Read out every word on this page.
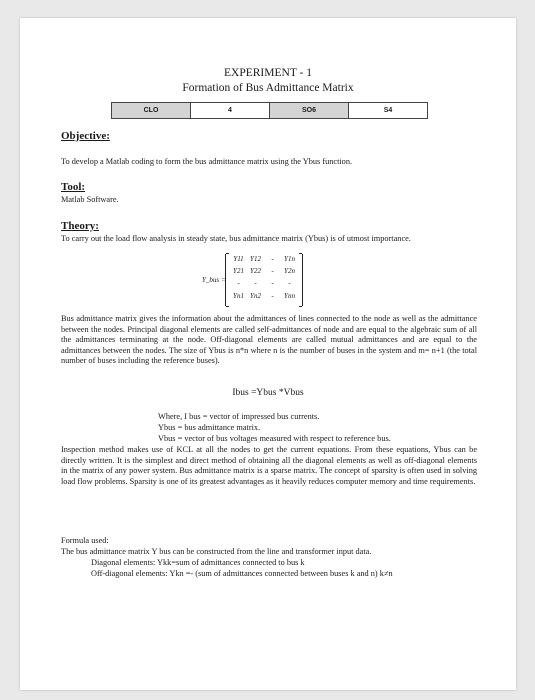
EXPERIMENT - 1
Formation of Bus Admittance Matrix
CLO	4	SO6	S4
Objective:
To develop a Matlab coding to form the bus admittance matrix using the Ybus function.
Tool:
Matlab Software.
Theory:
To carry out the load flow analysis in steady state, bus admittance matrix (Ybus) is of utmost importance.
Y_bus =
Y11 Y12 - Y1n
Y21 Y22 - Y2n
- - - -
Yn1 Yn2 - Ynn
Bus admittance matrix gives the information about the admittances of lines connected to the node as well as the admittance between the nodes. Principal diagonal elements are called self-admittances of node and are equal to the algebraic sum of all the admittances terminating at the node. Off-diagonal elements are called mutual admittances and are equal to the admittances between the nodes. The size of Ybus is n*n where n is the number of buses in the system and m= n+1 (the total number of buses including the reference buses).
Ibus =Ybus *Vbus
Where, I bus = vector of impressed bus currents.
Ybus = bus admittance matrix.
Vbus = vector of bus voltages measured with respect to reference bus.
Inspection method makes use of KCL at all the nodes to get the current equations. From these equations, Ybus can be directly written. It is the simplest and direct method of obtaining all the diagonal elements as well as off-diagonal elements in the matrix of any power system. Bus admittance matrix is a sparse matrix. The concept of sparsity is often used in solving load flow problems. Sparsity is one of its greatest advantages as it heavily reduces computer memory and time requirements.
Formula used:
The bus admittance matrix Y bus can be constructed from the line and transformer input data.
Diagonal elements: Ykk=sum of admittances connected to bus k
Off-diagonal elements: Ykn =- (sum of admittances connected between buses k and n) k≠n
